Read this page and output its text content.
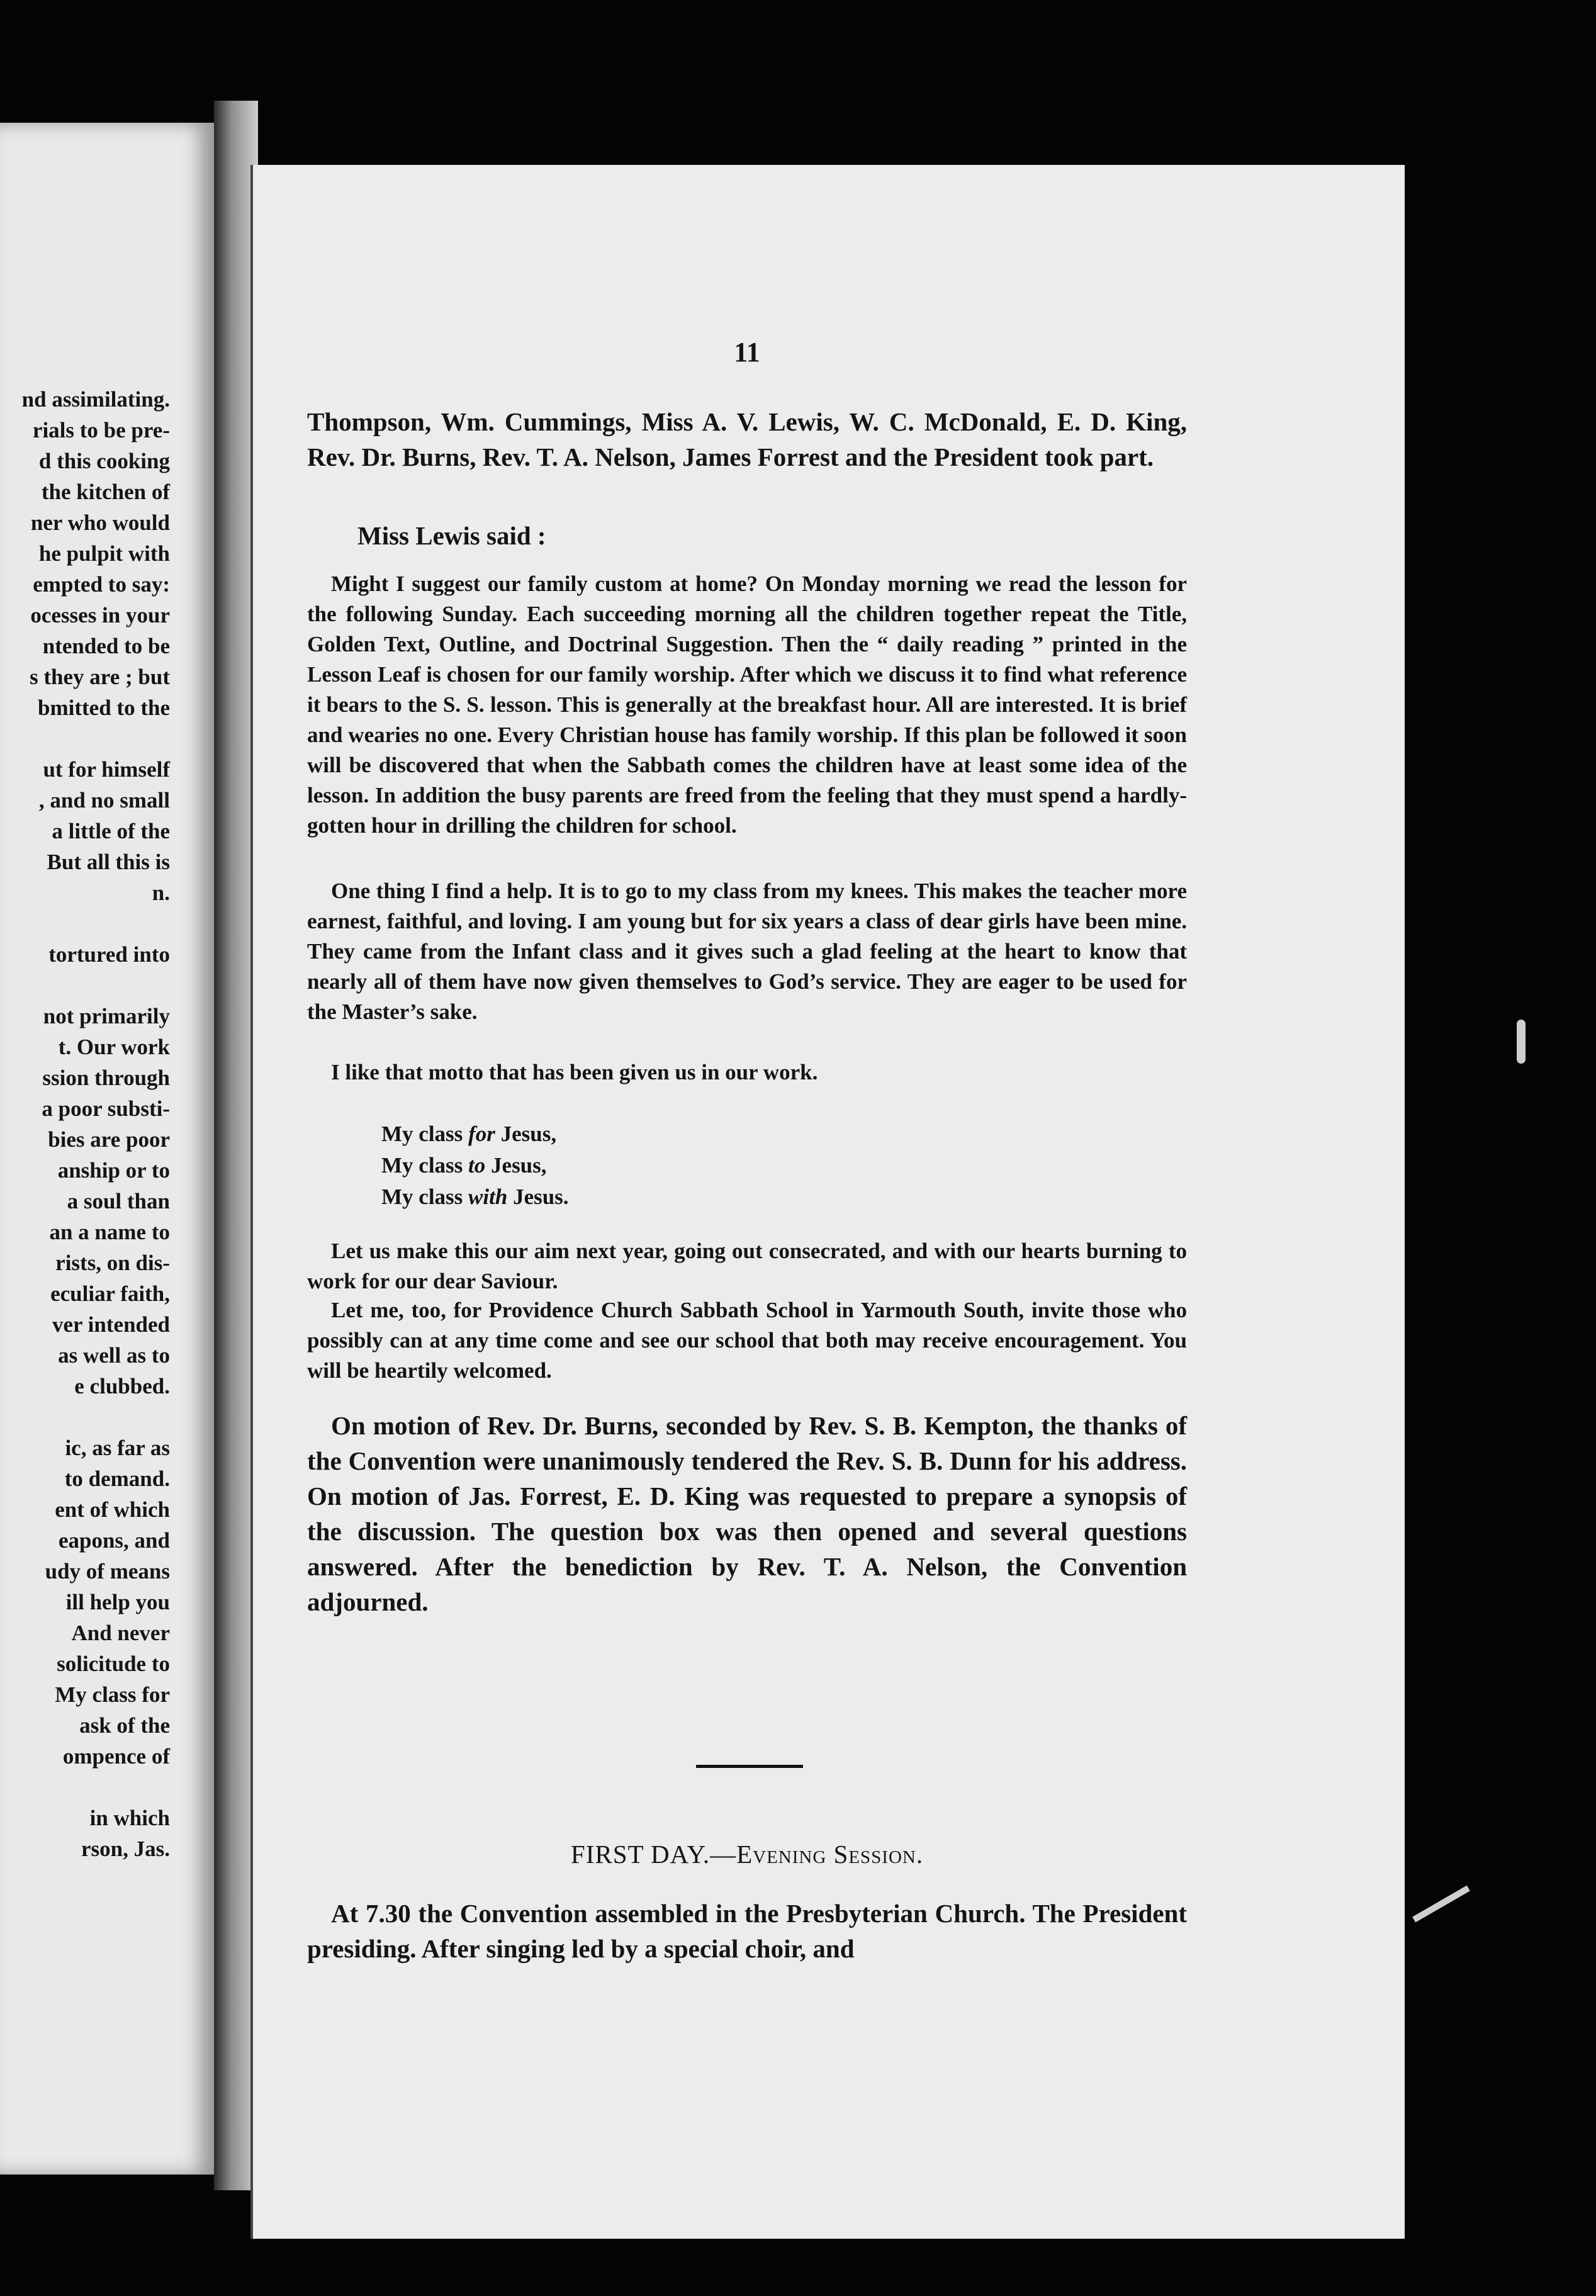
nd assimilating.
rials to be pre-
d this cooking
the kitchen of
ner who would
he pulpit with
empted to say:
ocesses in your
ntended to be
s they are ; but
bmitted to the
ut for himself
, and no small
a little of the
But all this is
n.
tortured into
not primarily
t. Our work
ssion through
a poor substi-
bies are poor
anship or to
a soul than
an a name to
rists, on dis-
eculiar faith,
ver intended
as well as to
e clubbed.
ic, as far as
to demand.
ent of which
eapons, and
udy of means
ill help you
And never
solicitude to
My class for
ask of the
ompence of
in which
rson, Jas.
11
Thompson, Wm. Cummings, Miss A. V. Lewis, W. C. McDonald, E. D. King, Rev. Dr. Burns, Rev. T. A. Nelson, James Forrest and the President took part.
Miss Lewis said :
Might I suggest our family custom at home? On Monday morning we read the lesson for the following Sunday. Each succeeding morning all the children together repeat the Title, Golden Text, Outline, and Doctrinal Suggestion. Then the “ daily reading ” printed in the Lesson Leaf is chosen for our family worship. After which we discuss it to find what reference it bears to the S. S. lesson. This is generally at the breakfast hour. All are interested. It is brief and wearies no one. Every Christian house has family worship. If this plan be followed it soon will be discovered that when the Sabbath comes the children have at least some idea of the lesson. In addition the busy parents are freed from the feeling that they must spend a hardly-gotten hour in drilling the children for school.
One thing I find a help. It is to go to my class from my knees. This makes the teacher more earnest, faithful, and loving. I am young but for six years a class of dear girls have been mine. They came from the Infant class and it gives such a glad feeling at the heart to know that nearly all of them have now given themselves to God’s service. They are eager to be used for the Master’s sake.
I like that motto that has been given us in our work.
My class for Jesus,
My class to Jesus,
My class with Jesus.
Let us make this our aim next year, going out consecrated, and with our hearts burning to work for our dear Saviour.
Let me, too, for Providence Church Sabbath School in Yarmouth South, invite those who possibly can at any time come and see our school that both may receive encouragement. You will be heartily welcomed.
On motion of Rev. Dr. Burns, seconded by Rev. S. B. Kempton, the thanks of the Convention were unanimously tendered the Rev. S. B. Dunn for his address. On motion of Jas. Forrest, E. D. King was requested to prepare a synopsis of the discussion. The question box was then opened and several questions answered. After the benediction by Rev. T. A. Nelson, the Convention adjourned.
FIRST DAY.—Evening Session.
At 7.30 the Convention assembled in the Presbyterian Church. The President presiding. After singing led by a special choir, and
